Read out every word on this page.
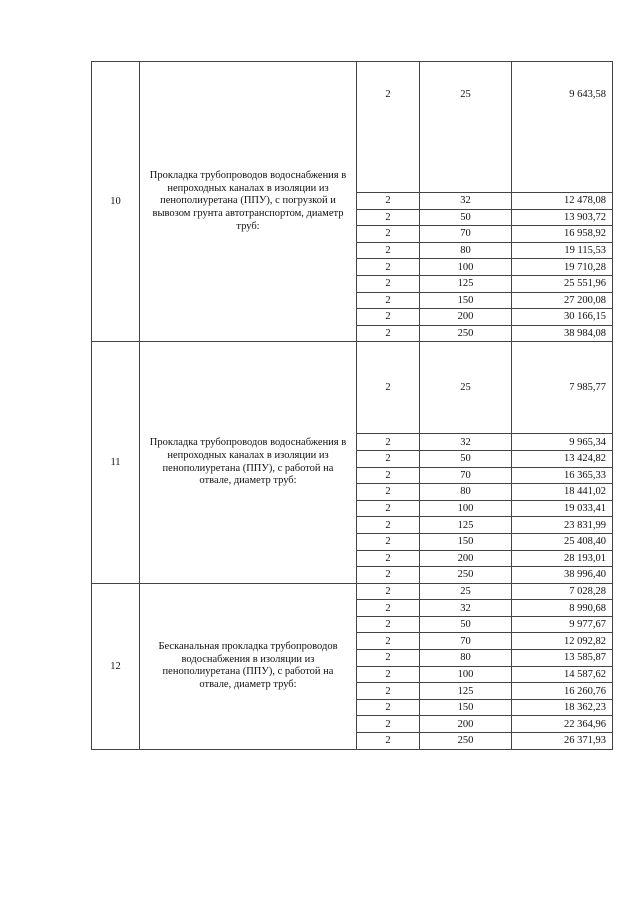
10	Прокладка трубопроводов водоснабжения в непроходных каналах в изоляции из пенополиуретана (ППУ), с погрузкой и вывозом грунта автотранспортом, диаметр труб:	2	25	9 643,58
		2	32	12 478,08
		2	50	13 903,72
		2	70	16 958,92
		2	80	19 115,53
		2	100	19 710,28
		2	125	25 551,96
		2	150	27 200,08
		2	200	30 166,15
		2	250	38 984,08
11	Прокладка трубопроводов водоснабжения в непроходных каналах в изоляции из пенополиуретана (ППУ), с работой на отвале, диаметр труб:	2	25	7 985,77
		2	32	9 965,34
		2	50	13 424,82
		2	70	16 365,33
		2	80	18 441,02
		2	100	19 033,41
		2	125	23 831,99
		2	150	25 408,40
		2	200	28 193,01
		2	250	38 996,40
12	Бесканальная прокладка трубопроводов водоснабжения в изоляции из пенополиуретана (ППУ), с работой на отвале, диаметр труб:	2	25	7 028,28
		2	32	8 990,68
		2	50	9 977,67
		2	70	12 092,82
		2	80	13 585,87
		2	100	14 587,62
		2	125	16 260,76
		2	150	18 362,23
		2	200	22 364,96
		2	250	26 371,93
